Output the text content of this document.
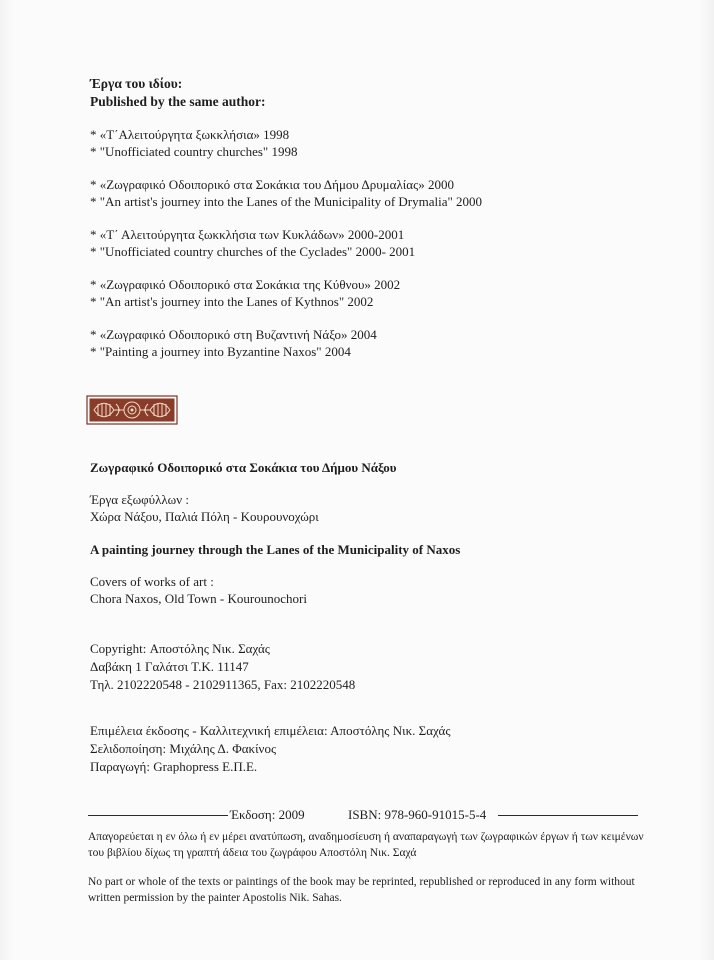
Έργα του ιδίου:
Published by the same author:
* «Τ΄Αλειτούργητα ξωκκλήσια» 1998
* "Unofficiated country churches" 1998
* «Ζωγραφικό Οδοιπορικό στα Σοκάκια του Δήμου Δρυμαλίας» 2000
* "An artist's journey into the Lanes of the Municipality of Drymalia" 2000
* «Τ΄ Αλειτούργητα ξωκκλήσια των Κυκλάδων» 2000-2001
* "Unofficiated country churches of the Cyclades" 2000- 2001
* «Ζωγραφικό Οδοιπορικό στα Σοκάκια της Κύθνου» 2002
* "An artist's journey into the Lanes of Kythnos" 2002
* «Ζωγραφικό Οδοιπορικό στη Βυζαντινή Νάξο» 2004
* "Painting a journey into Byzantine Naxos" 2004
Ζωγραφικό Οδοιπορικό στα Σοκάκια του Δήμου Νάξου
Έργα εξωφύλλων :
Χώρα Νάξου, Παλιά Πόλη - Κουρουνοχώρι
A painting journey through the Lanes of the Municipality of Naxos
Covers of works of art :
Chora Naxos, Old Town - Kourounochori
Copyright: Αποστόλης Νικ. Σαχάς
Δαβάκη 1 Γαλάτσι Τ.Κ. 11147
Τηλ. 2102220548 - 2102911365, Fax: 2102220548
Επιμέλεια έκδοσης - Καλλιτεχνική επιμέλεια: Αποστόλης Νικ. Σαχάς
Σελιδοποίηση: Μιχάλης Δ. Φακίνος
Παραγωγή: Graphopress Ε.Π.Ε.
Έκδοση: 2009	ISBN: 978-960-91015-5-4
Απαγορεύεται η εν όλω ή εν μέρει ανατύπωση, αναδημοσίευση ή αναπαραγωγή των ζωγραφικών έργων ή των κειμένων του βιβλίου δίχως τη γραπτή άδεια του ζωγράφου Αποστόλη Νικ. Σαχά
No part or whole of the texts or paintings of the book may be reprinted, republished or reproduced in any form without written permission by the painter Apostolis Nik. Sahas.
